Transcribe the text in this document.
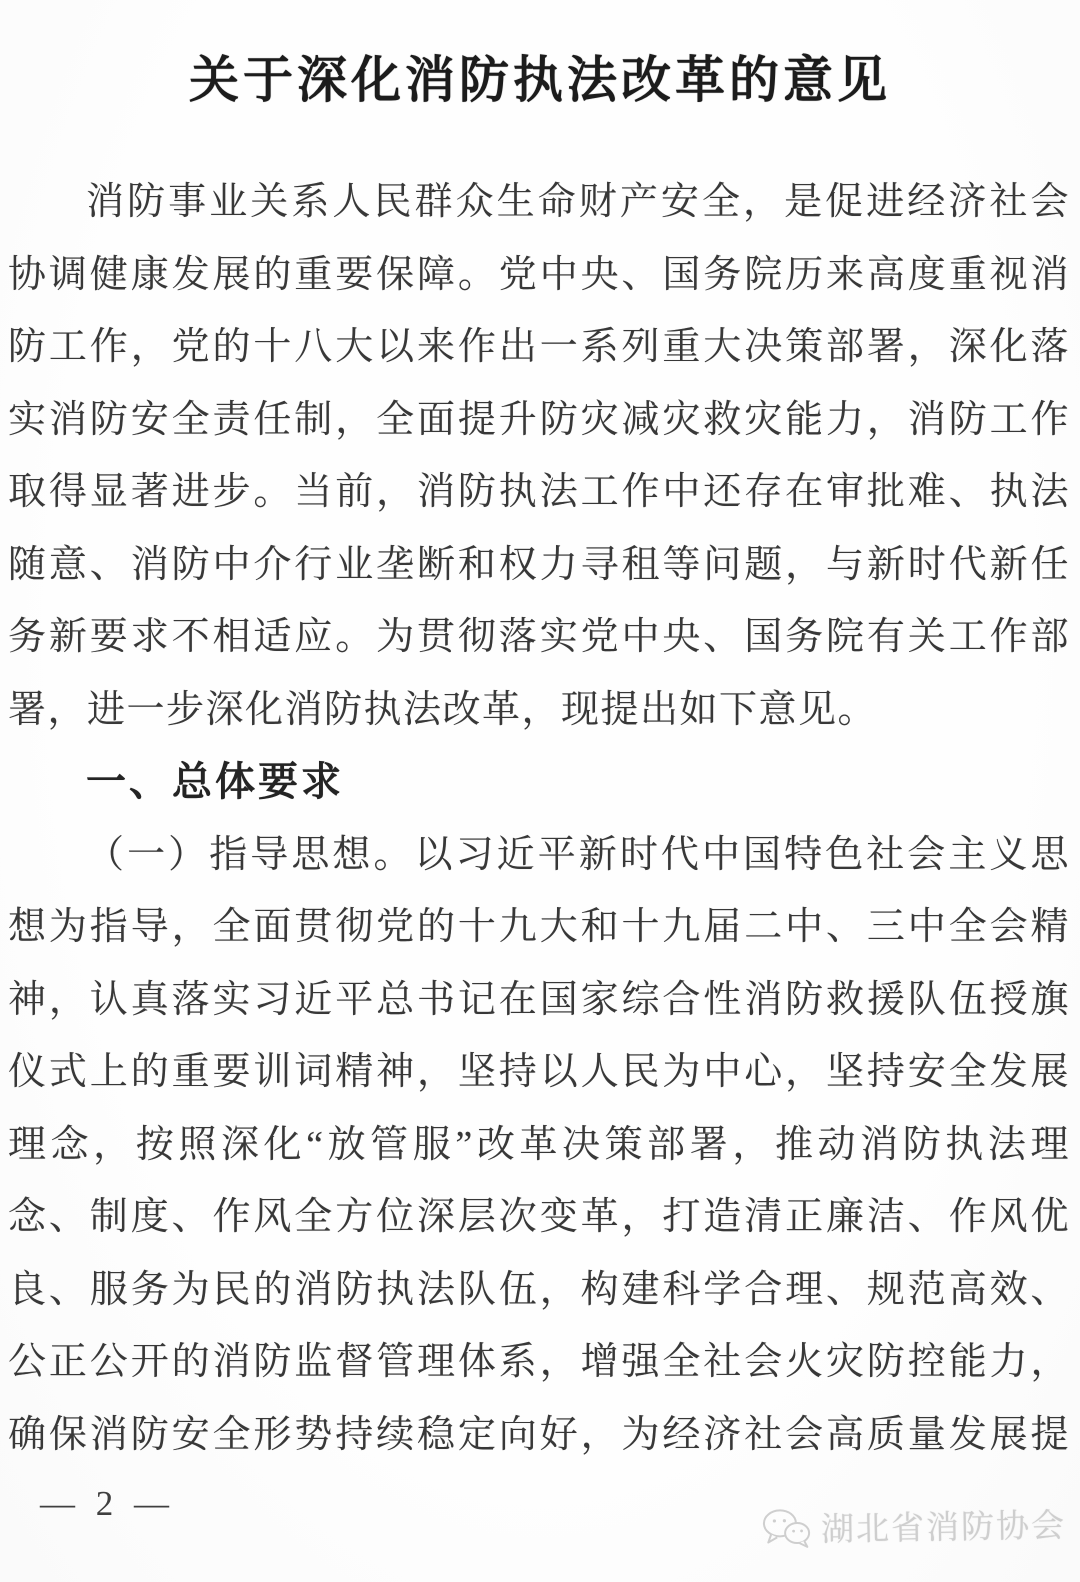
关于深化消防执法改革的意见
消防事业关系人民群众生命财产安全，是促进经济社会
协调健康发展的重要保障。党中央、国务院历来高度重视消
防工作，党的十八大以来作出一系列重大决策部署，深化落
实消防安全责任制，全面提升防灾减灾救灾能力，消防工作
取得显著进步。当前，消防执法工作中还存在审批难、执法
随意、消防中介行业垄断和权力寻租等问题，与新时代新任
务新要求不相适应。为贯彻落实党中央、国务院有关工作部
署，进一步深化消防执法改革，现提出如下意见。
一、总体要求
（一）指导思想。以习近平新时代中国特色社会主义思
想为指导，全面贯彻党的十九大和十九届二中、三中全会精
神，认真落实习近平总书记在国家综合性消防救援队伍授旗
仪式上的重要训词精神，坚持以人民为中心，坚持安全发展
理念，按照深化“放管服”改革决策部署，推动消防执法理
念、制度、作风全方位深层次变革，打造清正廉洁、作风优
良、服务为民的消防执法队伍，构建科学合理、规范高效、
公正公开的消防监督管理体系，增强全社会火灾防控能力，
确保消防安全形势持续稳定向好，为经济社会高质量发展提
— 2 —
湖北省消防协会
